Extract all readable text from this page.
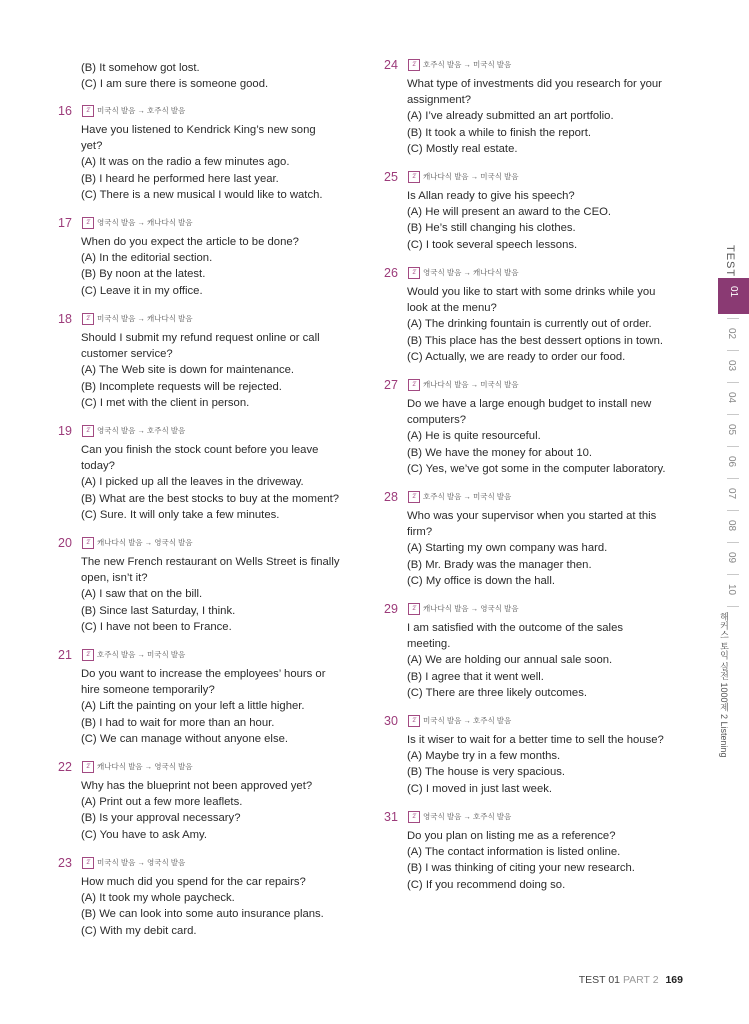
(B) It somehow got lost.
(C) I am sure there is someone good.
16	2̄ 미국식 발음 → 호주식 발음
Have you listened to Kendrick King’s new song
yet?
(A) It was on the radio a few minutes ago.
(B) I heard he performed here last year.
(C) There is a new musical I would like to watch.
17	2̄ 영국식 발음 → 캐나다식 발음
When do you expect the article to be done?
(A) In the editorial section.
(B) By noon at the latest.
(C) Leave it in my office.
18	2̄ 미국식 발음 → 캐나다식 발음
Should I submit my refund request online or call
customer service?
(A) The Web site is down for maintenance.
(B) Incomplete requests will be rejected.
(C) I met with the client in person.
19	2̄ 영국식 발음 → 호주식 발음
Can you finish the stock count before you leave
today?
(A) I picked up all the leaves in the driveway.
(B) What are the best stocks to buy at the moment?
(C) Sure. It will only take a few minutes.
20	2̄ 캐나다식 발음 → 영국식 발음
The new French restaurant on Wells Street is finally
open, isn’t it?
(A) I saw that on the bill.
(B) Since last Saturday, I think.
(C) I have not been to France.
21	2̄ 호주식 발음 → 미국식 발음
Do you want to increase the employees’ hours or
hire someone temporarily?
(A) Lift the painting on your left a little higher.
(B) I had to wait for more than an hour.
(C) We can manage without anyone else.
22	2̄ 캐나다식 발음 → 영국식 발음
Why has the blueprint not been approved yet?
(A) Print out a few more leaflets.
(B) Is your approval necessary?
(C) You have to ask Amy.
23	2̄ 미국식 발음 → 영국식 발음
How much did you spend for the car repairs?
(A) It took my whole paycheck.
(B) We can look into some auto insurance plans.
(C) With my debit card.
24	2̄ 호주식 발음 → 미국식 발음
What type of investments did you research for your
assignment?
(A) I’ve already submitted an art portfolio.
(B) It took a while to finish the report.
(C) Mostly real estate.
25	2̄ 캐나다식 발음 → 미국식 발음
Is Allan ready to give his speech?
(A) He will present an award to the CEO.
(B) He’s still changing his clothes.
(C) I took several speech lessons.
26	2̄ 영국식 발음 → 캐나다식 발음
Would you like to start with some drinks while you
look at the menu?
(A) The drinking fountain is currently out of order.
(B) This place has the best dessert options in town.
(C) Actually, we are ready to order our food.
27	2̄ 캐나다식 발음 → 미국식 발음
Do we have a large enough budget to install new
computers?
(A) He is quite resourceful.
(B) We have the money for about 10.
(C) Yes, we’ve got some in the computer laboratory.
28	2̄ 호주식 발음 → 미국식 발음
Who was your supervisor when you started at this
firm?
(A) Starting my own company was hard.
(B) Mr. Brady was the manager then.
(C) My office is down the hall.
29	2̄ 캐나다식 발음 → 영국식 발음
I am satisfied with the outcome of the sales
meeting.
(A) We are holding our annual sale soon.
(B) I agree that it went well.
(C) There are three likely outcomes.
30	2̄ 미국식 발음 → 호주식 발음
Is it wiser to wait for a better time to sell the house?
(A) Maybe try in a few months.
(B) The house is very spacious.
(C) I moved in just last week.
31	2̄ 영국식 발음 → 호주식 발음
Do you plan on listing me as a reference?
(A) The contact information is listed online.
(B) I was thinking of citing your new research.
(C) If you recommend doing so.
TEST
01
02
03
04
05
06
07
08
09
10
해커스 토익 실전 1000제 2 Listening
TEST 01 PART 2 169
